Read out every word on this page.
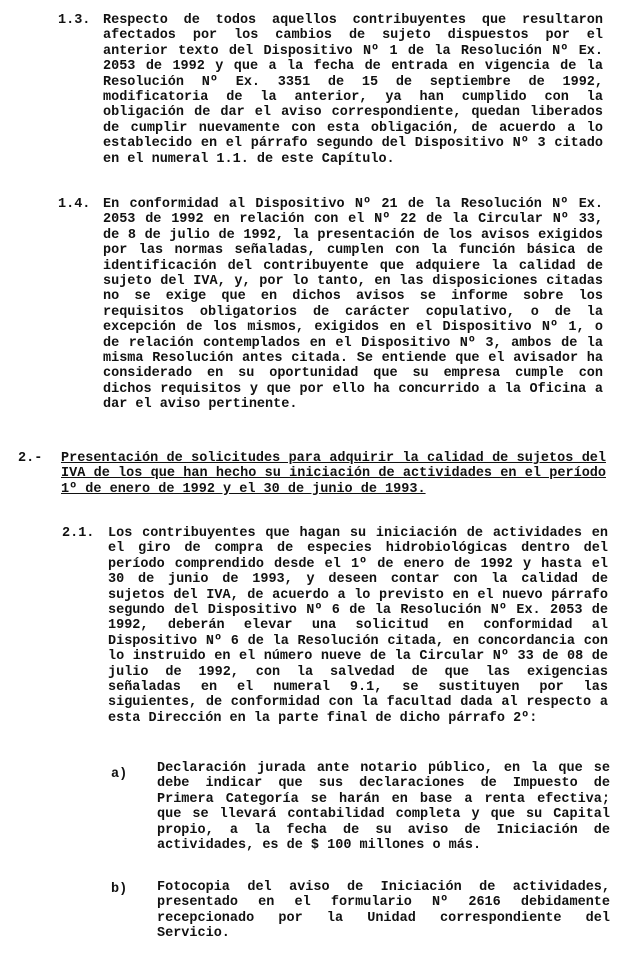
1.3. Respecto de todos aquellos contribuyentes que resultaron afectados por los cambios de sujeto dispuestos por el anterior texto del Dispositivo Nº 1 de la Resolución Nº Ex. 2053 de 1992 y que a la fecha de entrada en vigencia de la Resolución Nº Ex. 3351 de 15 de septiembre de 1992, modificatoria de la anterior, ya han cumplido con la obligación de dar el aviso correspondiente, quedan liberados de cumplir nuevamente con esta obligación, de acuerdo a lo establecido en el párrafo segundo del Dispositivo Nº 3 citado en el numeral 1.1. de este Capítulo.
1.4. En conformidad al Dispositivo Nº 21 de la Resolución Nº Ex. 2053 de 1992 en relación con el Nº 22 de la Circular Nº 33, de 8 de julio de 1992, la presentación de los avisos exigidos por las normas señaladas, cumplen con la función básica de identificación del contribuyente que adquiere la calidad de sujeto del IVA, y, por lo tanto, en las disposiciones citadas no se exige que en dichos avisos se informe sobre los requisitos obligatorios de carácter copulativo, o de la excepción de los mismos, exigidos en el Dispositivo Nº 1, o de relación contemplados en el Dispositivo Nº 3, ambos de la misma Resolución antes citada. Se entiende que el avisador ha considerado en su oportunidad que su empresa cumple con dichos requisitos y que por ello ha concurrido a la Oficina a dar el aviso pertinente.
2.- Presentación de solicitudes para adquirir la calidad de sujetos del IVA de los que han hecho su iniciación de actividades en el período 1º de enero de 1992 y el 30 de junio de 1993.
2.1. Los contribuyentes que hagan su iniciación de actividades en el giro de compra de especies hidrobiológicas dentro del período comprendido desde el 1º de enero de 1992 y hasta el 30 de junio de 1993, y deseen contar con la calidad de sujetos del IVA, de acuerdo a lo previsto en el nuevo párrafo segundo del Dispositivo Nº 6 de la Resolución Nº Ex. 2053 de 1992, deberán elevar una solicitud en conformidad al Dispositivo Nº 6 de la Resolución citada, en concordancia con lo instruido en el número nueve de la Circular Nº 33 de 08 de julio de 1992, con la salvedad de que las exigencias señaladas en el numeral 9.1, se sustituyen por las siguientes, de conformidad con la facultad dada al respecto a esta Dirección en la parte final de dicho párrafo 2º:
a) Declaración jurada ante notario público, en la que se debe indicar que sus declaraciones de Impuesto de Primera Categoría se harán en base a renta efectiva; que se llevará contabilidad completa y que su Capital propio, a la fecha de su aviso de Iniciación de actividades, es de $ 100 millones o más.
b) Fotocopia del aviso de Iniciación de actividades, presentado en el formulario Nº 2616 debidamente recepcionado por la Unidad correspondiente del Servicio.
